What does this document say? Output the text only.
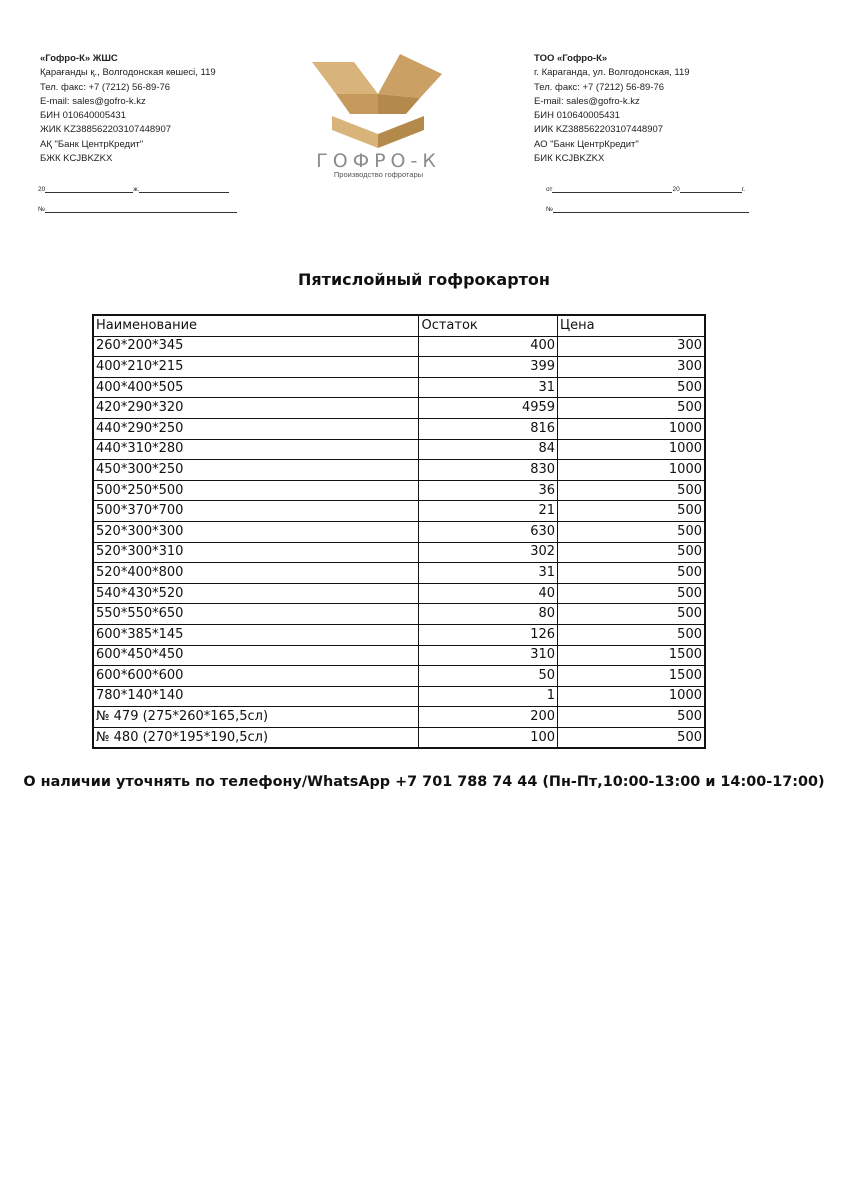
«Гофро-К» ЖШС
Қарағанды қ., Волгодонская көшесі, 119
Тел. факс: +7 (7212) 56-89-76
E-mail: sales@gofro-k.kz
БИН 010640005431
ЖИК KZ388562203107448907
АҚ "Банк ЦентрКредит"
БЖК KCJBKZKX
20	ж.
№
ГОФРО-К
Производство гофротары
ТОО «Гофро-К»
г. Караганда, ул. Волгодонская, 119
Тел. факс: +7 (7212) 56-89-76
E-mail: sales@gofro-k.kz
БИН 010640005431
ИИК KZ388562203107448907
АО "Банк ЦентрКредит"
БИК KCJBKZKX
от	20	г.
№
Пятислойный гофрокартон
Наименование	Остаток	Цена
260*200*345	400	300
400*210*215	399	300
400*400*505	31	500
420*290*320	4959	500
440*290*250	816	1000
440*310*280	84	1000
450*300*250	830	1000
500*250*500	36	500
500*370*700	21	500
520*300*300	630	500
520*300*310	302	500
520*400*800	31	500
540*430*520	40	500
550*550*650	80	500
600*385*145	126	500
600*450*450	310	1500
600*600*600	50	1500
780*140*140	1	1000
№ 479 (275*260*165,5сл)	200	500
№ 480 (270*195*190,5сл)	100	500
О наличии уточнять по телефону/WhatsApp +7 701 788 74 44 (Пн-Пт,10:00-13:00 и 14:00-17:00)
